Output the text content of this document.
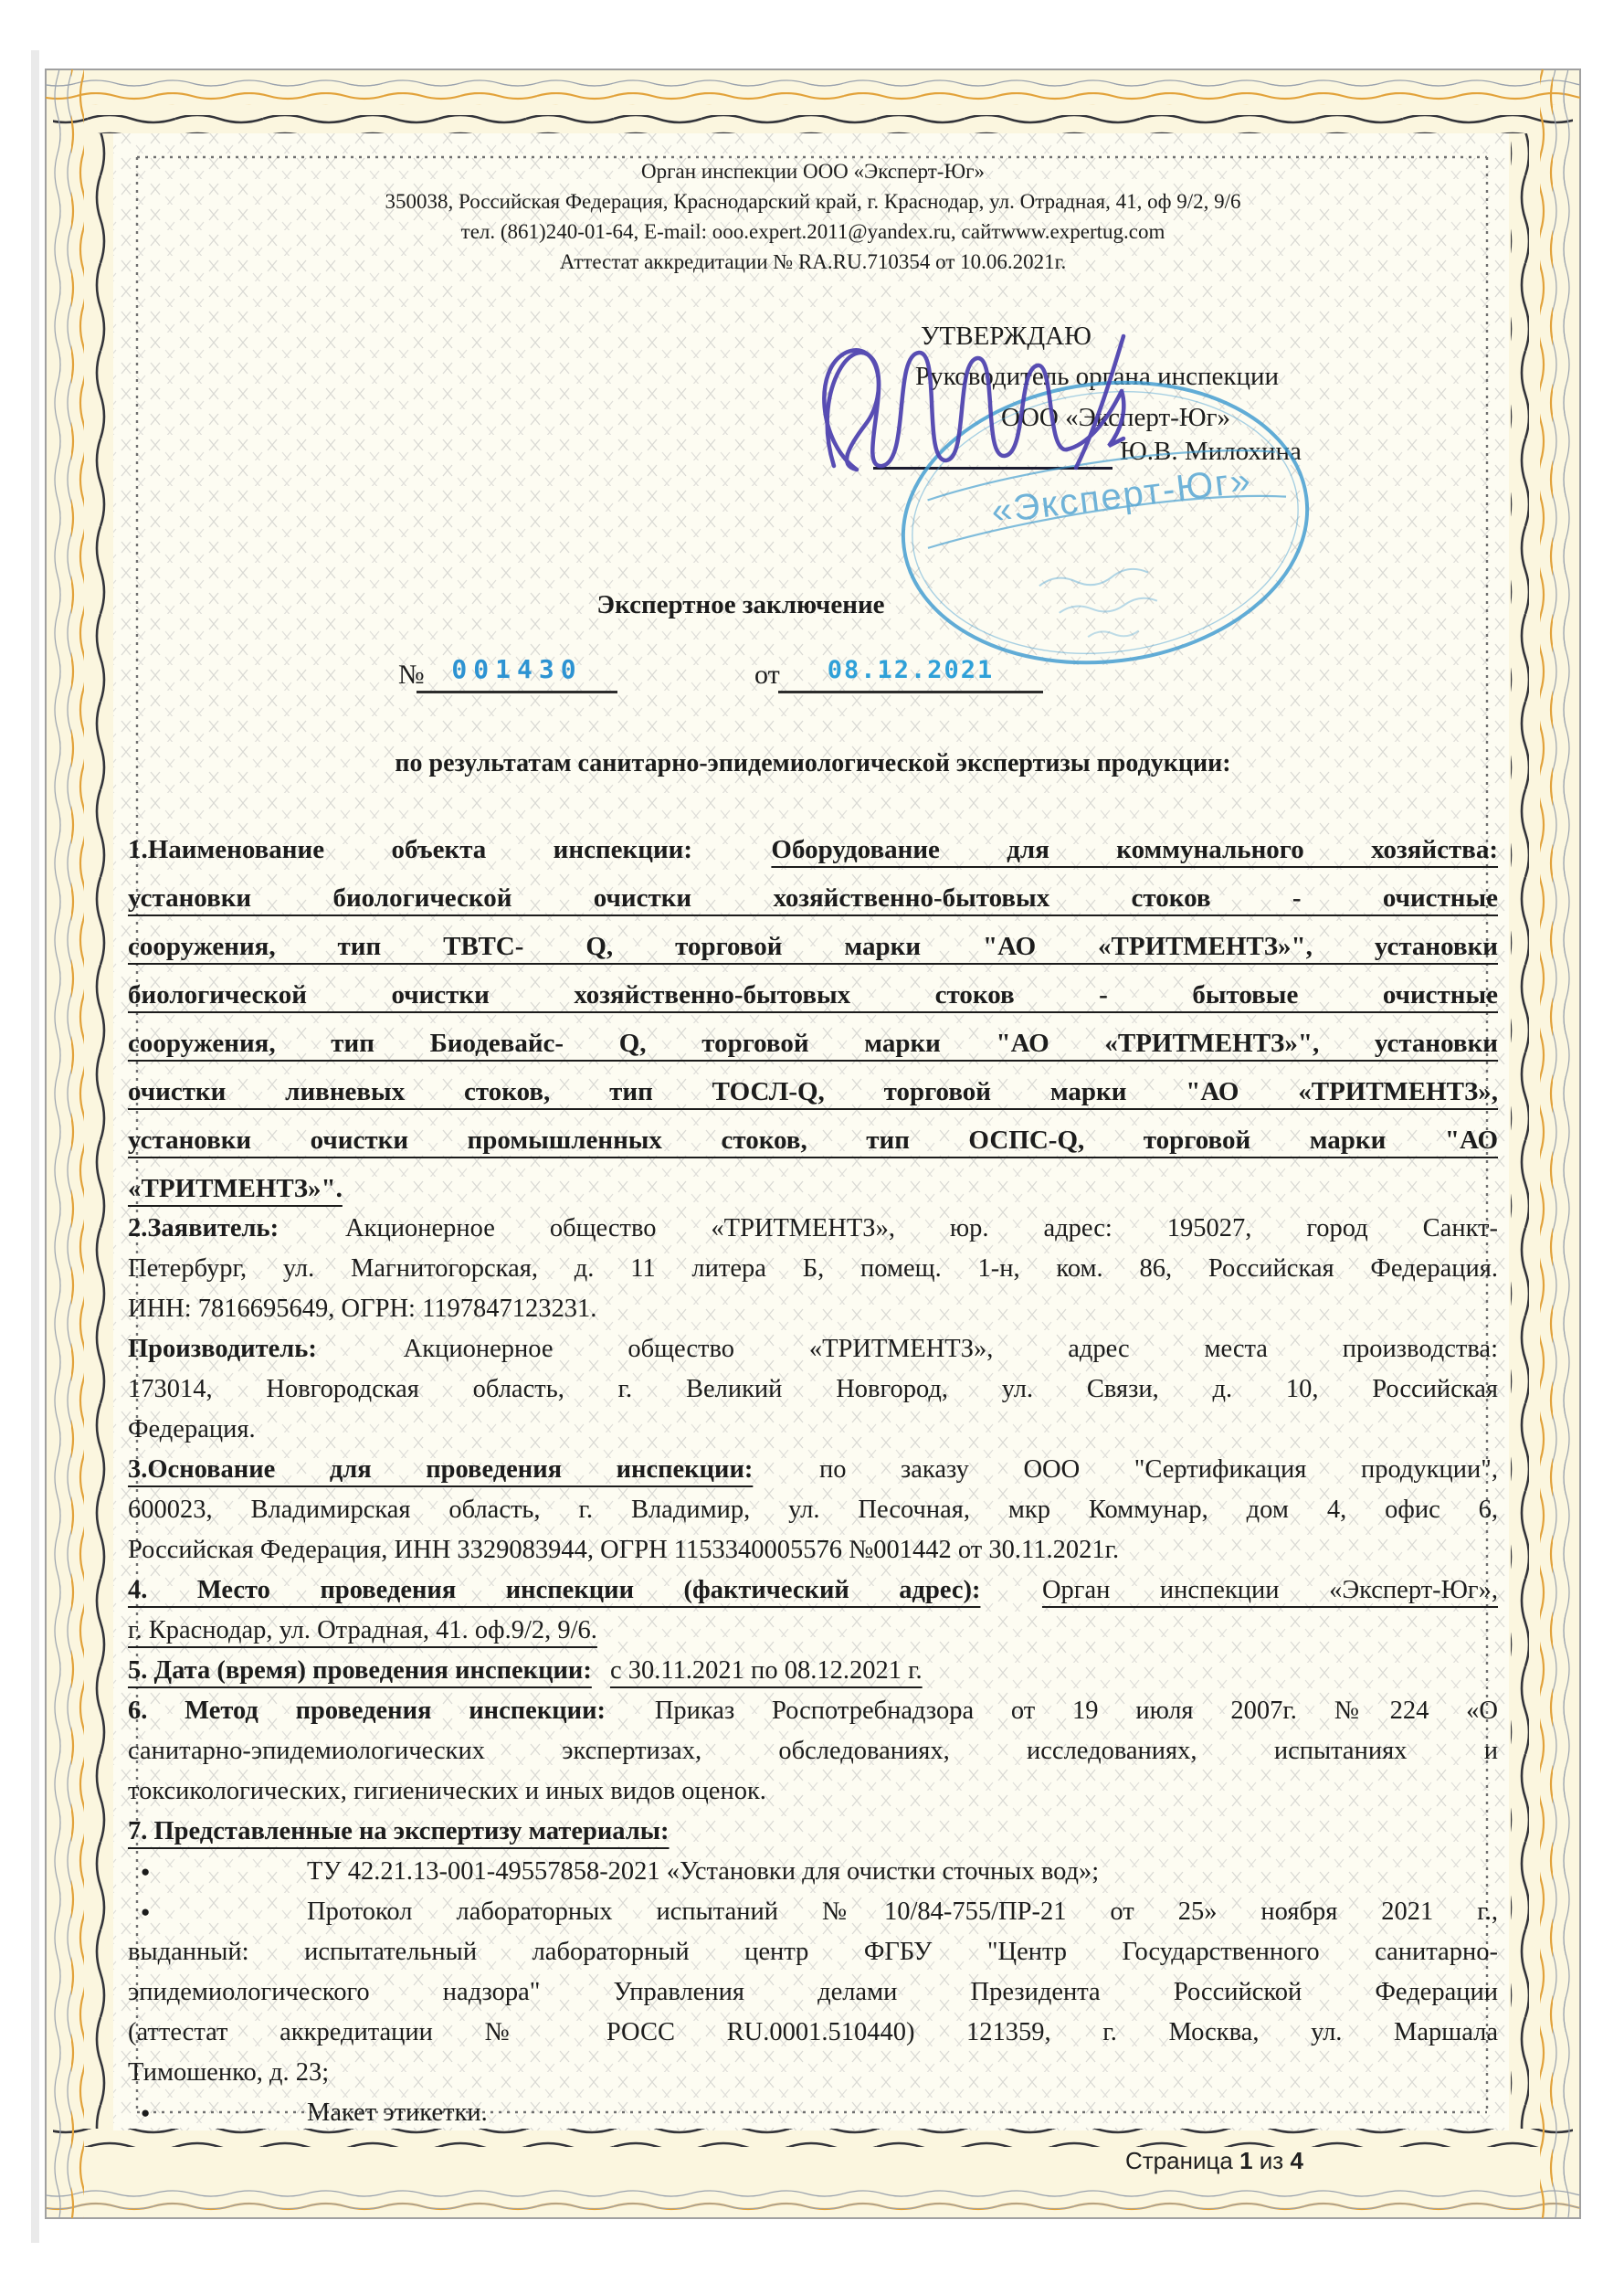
Орган инспекции ООО «Эксперт-Юг»
350038, Российская Федерация, Краснодарский край, г. Краснодар, ул. Отрадная, 41, оф 9/2, 9/6
тел. (861)240-01-64, E-mail: ooo.expert.2011@yandex.ru, сайтwww.expertug.com
Аттестат аккредитации № RA.RU.710354 от 10.06.2021г.
УТВЕРЖДАЮ
Руководитель органа инспекции
ООО «Эксперт-Юг»
Ю.В. Милохина
«Эксперт-Юг»
Экспертное заключение
№	001430	от	08.12.2021
по результатам санитарно-эпидемиологической экспертизы продукции:
1.Наименование объекта инспекции:	Оборудование для коммунального хозяйства:
установки биологической очистки хозяйственно-бытовых стоков - очистные
сооружения, тип ТВТС- Q, торговой марки "АО «ТРИТМЕНТЗ»", установки
биологической очистки хозяйственно-бытовых стоков - бытовые очистные
сооружения, тип Биодевайс- Q, торговой марки "АО «ТРИТМЕНТЗ»", установки
очистки ливневых стоков, тип ТОСЛ-Q, торговой марки "АО «ТРИТМЕНТЗ»,
установки очистки промышленных стоков, тип ОСПС-Q, торговой марки "АО
«ТРИТМЕНТЗ»".
2.Заявитель:	Акционерное общество «ТРИТМЕНТЗ», юр. адрес: 195027, город Санкт-
Петербург, ул. Магнитогорская, д. 11 литера Б, помещ. 1-н, ком. 86, Российская Федерация.
ИНН: 7816695649, ОГРН: 1197847123231.
Производитель:	Акционерное общество «ТРИТМЕНТЗ», адрес места производства:
173014, Новгородская область, г. Великий Новгород, ул. Связи, д. 10, Российская
Федерация.
3.Основание для проведения инспекции:	по заказу ООО "Сертификация продукции",
600023, Владимирская область, г. Владимир, ул. Песочная, мкр Коммунар, дом 4, офис 6,
Российская Федерация, ИНН 3329083944, ОГРН 1153340005576 №001442 от 30.11.2021г.
4. Место проведения инспекции (фактический адрес): Орган инспекции «Эксперт-Юг»,
г. Краснодар, ул. Отрадная, 41. оф.9/2, 9/6.
5. Дата (время) проведения инспекции: с 30.11.2021 по 08.12.2021 г.
6. Метод проведения инспекции: Приказ Роспотребнадзора от 19 июля 2007г. №224 «О
санитарно-эпидемиологических экспертизах, обследованиях, исследованиях, испытаниях и
токсикологических, гигиенических и иных видов оценок.
7. Представленные на экспертизу материалы:
●	ТУ 42.21.13-001-49557858-2021 «Установки для очистки сточных вод»;
●	Протокол лабораторных испытаний №10/84-755/ПР-21 от 25» ноября 2021 г.,
выданный: испытательный лабораторный центр ФГБУ "Центр Государственного санитарно-
эпидемиологического надзора" Управления делами Президента Российской Федерации
(аттестат аккредитации № РОСС RU.0001.510440) 121359, г. Москва, ул. Маршала
Тимошенко, д. 23;
●	Макет этикетки.
Страница 1 из 4
